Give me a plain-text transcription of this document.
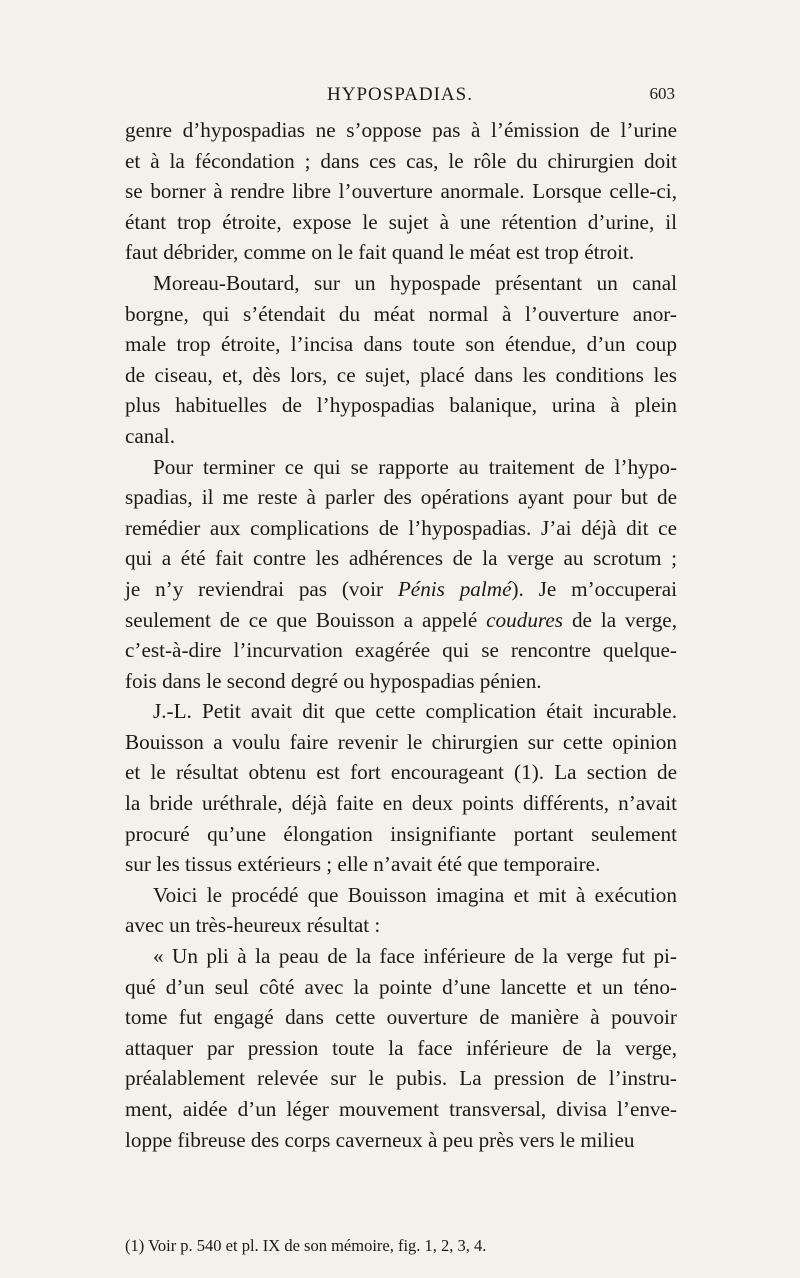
HYPOSPADIAS.	603

genre d’hypospadias ne s’oppose pas à l’émission de l’urine
et à la fécondation ; dans ces cas, le rôle du chirurgien doit
se borner à rendre libre l’ouverture anormale. Lorsque celle-ci,
étant trop étroite, expose le sujet à une rétention d’urine, il
faut débrider, comme on le fait quand le méat est trop étroit.

Moreau-Boutard, sur un hypospade présentant un canal
borgne, qui s’étendait du méat normal à l’ouverture anor-
male trop étroite, l’incisa dans toute son étendue, d’un coup
de ciseau, et, dès lors, ce sujet, placé dans les conditions les
plus habituelles de l’hypospadias balanique, urina à plein
canal.

Pour terminer ce qui se rapporte au traitement de l’hypo-
spadias, il me reste à parler des opérations ayant pour but de
remédier aux complications de l’hypospadias. J’ai déjà dit ce
qui a été fait contre les adhérences de la verge au scrotum ;
je n’y reviendrai pas (voir Pénis palmé). Je m’occuperai
seulement de ce que Bouisson a appelé coudures de la verge,
c’est-à-dire l’incurvation exagérée qui se rencontre quelque-
fois dans le second degré ou hypospadias pénien.

J.-L. Petit avait dit que cette complication était incurable.
Bouisson a voulu faire revenir le chirurgien sur cette opinion
et le résultat obtenu est fort encourageant (1). La section de
la bride uréthrale, déjà faite en deux points différents, n’avait
procuré qu’une élongation insignifiante portant seulement
sur les tissus extérieurs ; elle n’avait été que temporaire.

Voici le procédé que Bouisson imagina et mit à exécution
avec un très-heureux résultat :

« Un pli à la peau de la face inférieure de la verge fut pi-
qué d’un seul côté avec la pointe d’une lancette et un téno-
tome fut engagé dans cette ouverture de manière à pouvoir
attaquer par pression toute la face inférieure de la verge,
préalablement relevée sur le pubis. La pression de l’instru-
ment, aidée d’un léger mouvement transversal, divisa l’enve-
loppe fibreuse des corps caverneux à peu près vers le milieu

(1) Voir p. 540 et pl. IX de son mémoire, fig. 1, 2, 3, 4.
